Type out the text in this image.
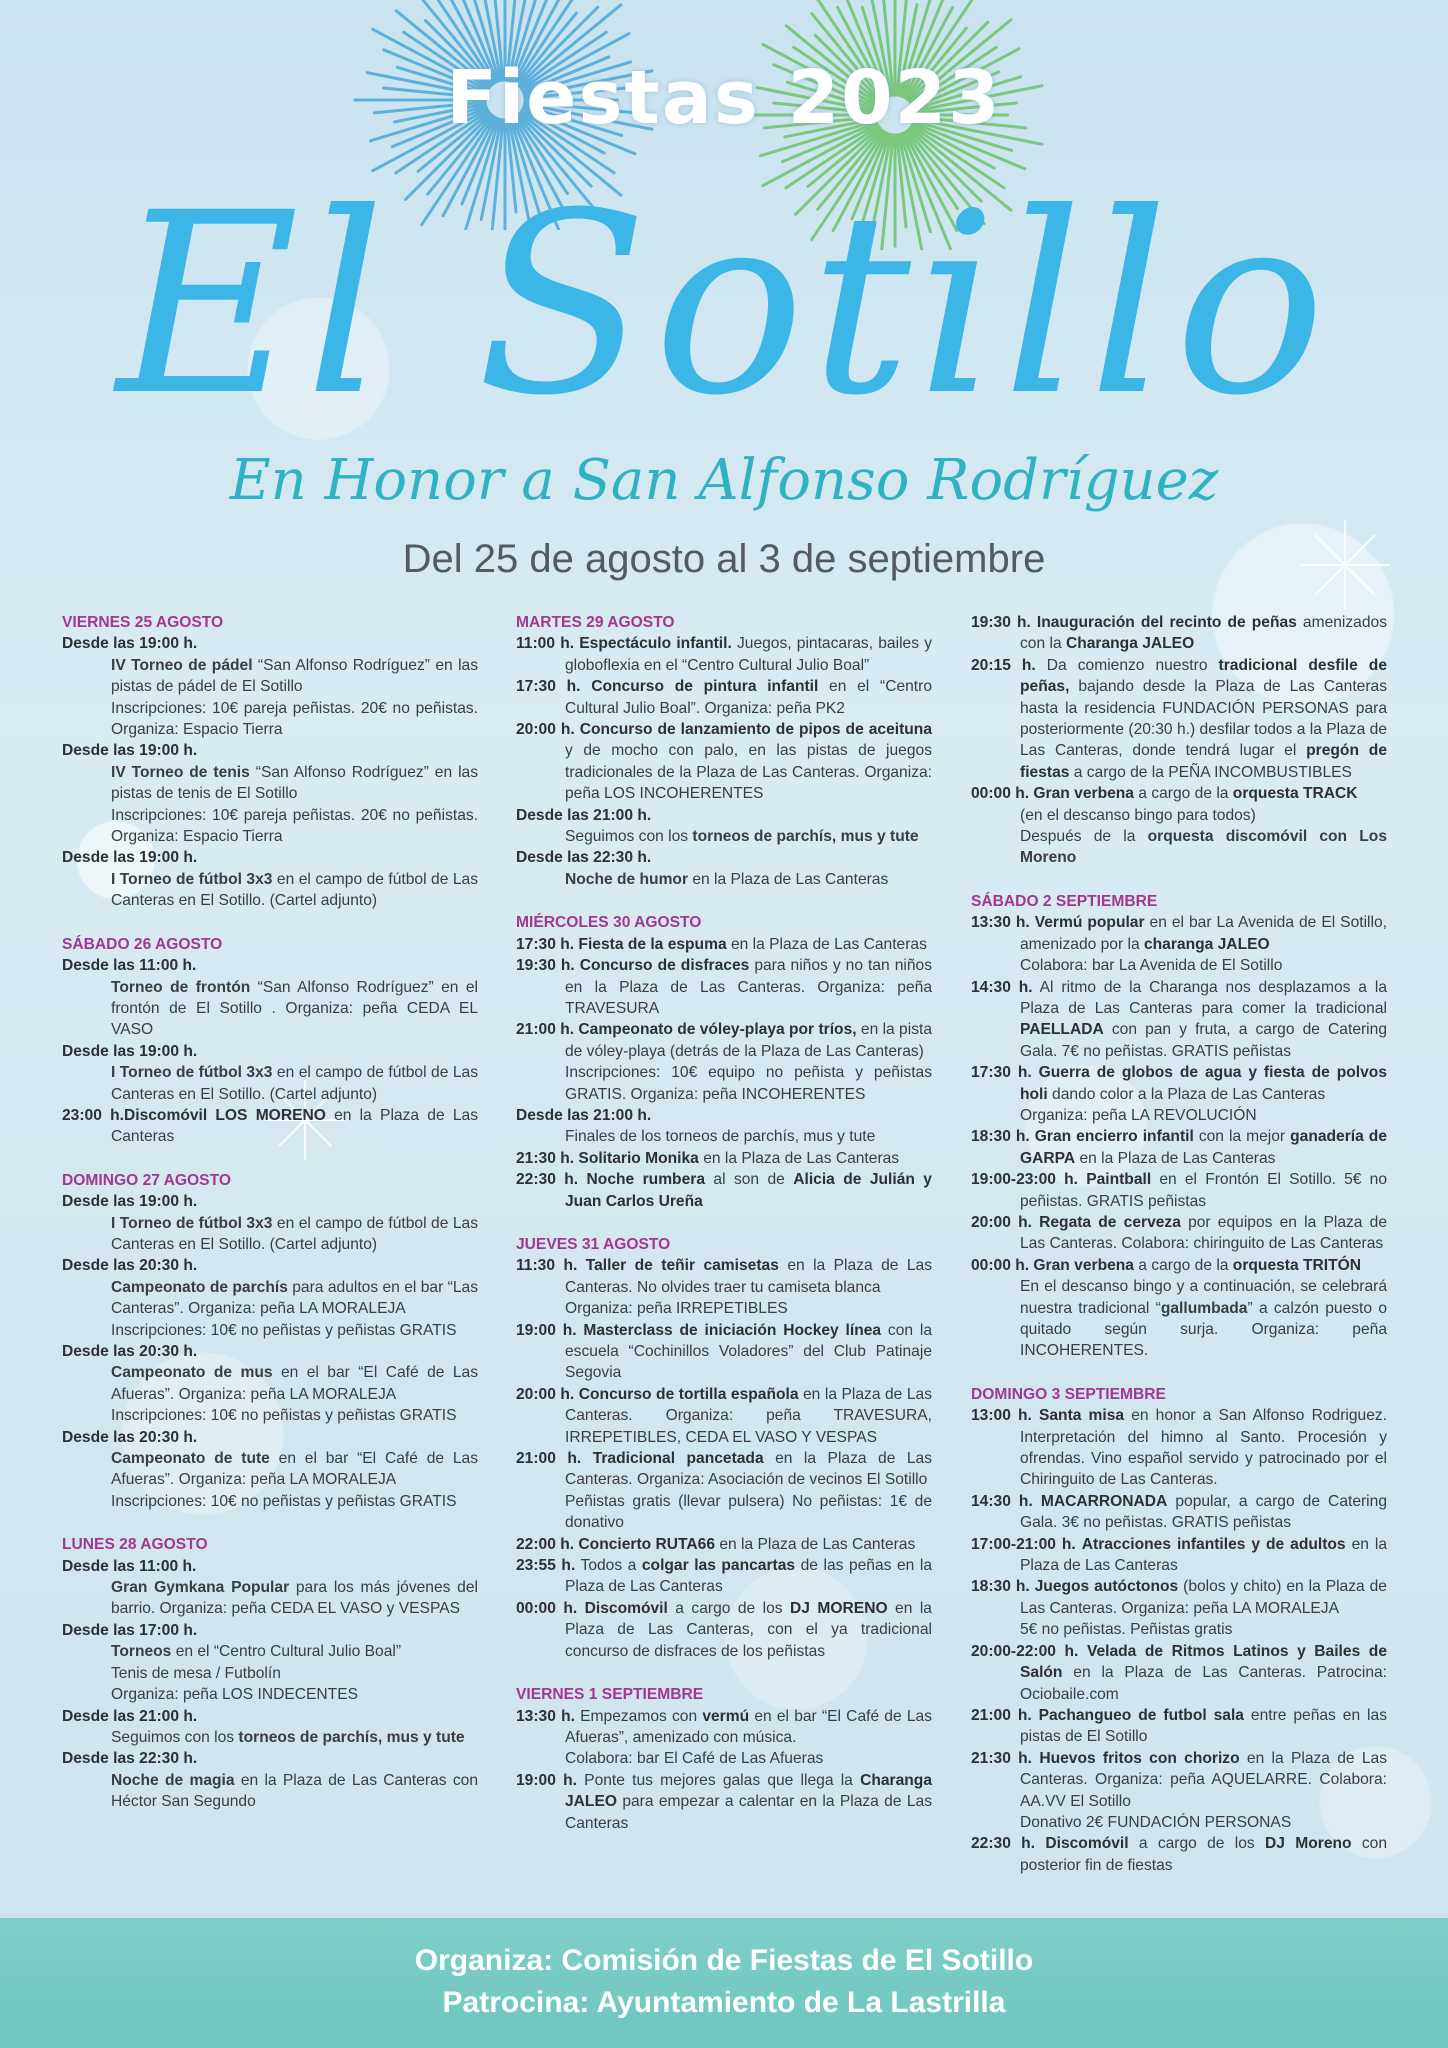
Fiestas 2023
El Sotillo
En Honor a San Alfonso Rodríguez
Del 25 de agosto al 3 de septiembre
VIERNES 25 AGOSTO
Desde las 19:00 h.
IV Torneo de pádel “San Alfonso Rodríguez” en las pistas de pádel de El Sotillo
Inscripciones: 10€ pareja peñistas. 20€ no peñistas. Organiza: Espacio Tierra
Desde las 19:00 h.
IV Torneo de tenis “San Alfonso Rodríguez” en las pistas de tenis de El Sotillo
Inscripciones: 10€ pareja peñistas. 20€ no peñistas. Organiza: Espacio Tierra
Desde las 19:00 h.
I Torneo de fútbol 3x3 en el campo de fútbol de Las Canteras en El Sotillo. (Cartel adjunto)
SÁBADO 26 AGOSTO
Desde las 11:00 h.
Torneo de frontón “San Alfonso Rodríguez” en el frontón de El Sotillo . Organiza: peña CEDA EL VASO
Desde las 19:00 h.
I Torneo de fútbol 3x3 en el campo de fútbol de Las Canteras en El Sotillo. (Cartel adjunto)
23:00 h.Discomóvil LOS MORENO en la Plaza de Las Canteras
DOMINGO 27 AGOSTO
Desde las 19:00 h.
I Torneo de fútbol 3x3 en el campo de fútbol de Las Canteras en El Sotillo. (Cartel adjunto)
Desde las 20:30 h.
Campeonato de parchís para adultos en el bar “Las Canteras”. Organiza: peña LA MORALEJA
Inscripciones: 10€ no peñistas y peñistas GRATIS
Desde las 20:30 h.
Campeonato de mus en el bar “El Café de Las Afueras”. Organiza: peña LA MORALEJA
Inscripciones: 10€ no peñistas y peñistas GRATIS
Desde las 20:30 h.
Campeonato de tute en el bar “El Café de Las Afueras”. Organiza: peña LA MORALEJA
Inscripciones: 10€ no peñistas y peñistas GRATIS
LUNES 28 AGOSTO
Desde las 11:00 h.
Gran Gymkana Popular para los más jóvenes del barrio. Organiza: peña CEDA EL VASO y VESPAS
Desde las 17:00 h.
Torneos en el “Centro Cultural Julio Boal”
Tenis de mesa / Futbolín
Organiza: peña LOS INDECENTES
Desde las 21:00 h.
Seguimos con los torneos de parchís, mus y tute
Desde las 22:30 h.
Noche de magia en la Plaza de Las Canteras con Héctor San Segundo
MARTES 29 AGOSTO
11:00 h. Espectáculo infantil. Juegos, pintacaras, bailes y globoflexia en el “Centro Cultural Julio Boal”
17:30 h. Concurso de pintura infantil en el “Centro Cultural Julio Boal”. Organiza: peña PK2
20:00 h. Concurso de lanzamiento de pipos de aceituna y de mocho con palo, en las pistas de juegos tradicionales de la Plaza de Las Canteras. Organiza: peña LOS INCOHERENTES
Desde las 21:00 h.
Seguimos con los torneos de parchís, mus y tute
Desde las 22:30 h.
Noche de humor en la Plaza de Las Canteras
MIÉRCOLES 30 AGOSTO
17:30 h. Fiesta de la espuma en la Plaza de Las Canteras
19:30 h. Concurso de disfraces para niños y no tan niños en la Plaza de Las Canteras. Organiza: peña TRAVESURA
21:00 h. Campeonato de vóley-playa por tríos, en la pista de vóley-playa (detrás de la Plaza de Las Canteras)
Inscripciones: 10€ equipo no peñista y peñistas GRATIS. Organiza: peña INCOHERENTES
Desde las 21:00 h.
Finales de los torneos de parchís, mus y tute
21:30 h. Solitario Monika en la Plaza de Las Canteras
22:30 h. Noche rumbera al son de Alicia de Julián y Juan Carlos Ureña
JUEVES 31 AGOSTO
11:30 h. Taller de teñir camisetas en la Plaza de Las Canteras. No olvides traer tu camiseta blanca
Organiza: peña IRREPETIBLES
19:00 h. Masterclass de iniciación Hockey línea con la escuela “Cochinillos Voladores” del Club Patinaje Segovia
20:00 h. Concurso de tortilla española en la Plaza de Las Canteras. Organiza: peña TRAVESURA, IRREPETIBLES, CEDA EL VASO Y VESPAS
21:00 h. Tradicional pancetada en la Plaza de Las Canteras. Organiza: Asociación de vecinos El Sotillo
Peñistas gratis (llevar pulsera) No peñistas: 1€ de donativo
22:00 h. Concierto RUTA66 en la Plaza de Las Canteras
23:55 h. Todos a colgar las pancartas de las peñas en la Plaza de Las Canteras
00:00 h. Discomóvil a cargo de los DJ MORENO en la Plaza de Las Canteras, con el ya tradicional concurso de disfraces de los peñistas
VIERNES 1 SEPTIEMBRE
13:30 h. Empezamos con vermú en el bar “El Café de Las Afueras”, amenizado con música.
Colabora: bar El Café de Las Afueras
19:00 h. Ponte tus mejores galas que llega la Charanga JALEO para empezar a calentar en la Plaza de Las Canteras
19:30 h. Inauguración del recinto de peñas amenizados con la Charanga JALEO
20:15 h. Da comienzo nuestro tradicional desfile de peñas, bajando desde la Plaza de Las Canteras hasta la residencia FUNDACIÓN PERSONAS para posteriormente (20:30 h.) desfilar todos a la Plaza de Las Canteras, donde tendrá lugar el pregón de fiestas a cargo de la PEÑA INCOMBUSTIBLES
00:00 h. Gran verbena a cargo de la orquesta TRACK
(en el descanso bingo para todos)
Después de la orquesta discomóvil con Los Moreno
SÁBADO 2 SEPTIEMBRE
13:30 h. Vermú popular en el bar La Avenida de El Sotillo, amenizado por la charanga JALEO
Colabora: bar La Avenida de El Sotillo
14:30 h. Al ritmo de la Charanga nos desplazamos a la Plaza de Las Canteras para comer la tradicional PAELLADA con pan y fruta, a cargo de Catering Gala. 7€ no peñistas. GRATIS peñistas
17:30 h. Guerra de globos de agua y fiesta de polvos holi dando color a la Plaza de Las Canteras
Organiza: peña LA REVOLUCIÓN
18:30 h. Gran encierro infantil con la mejor ganadería de GARPA en la Plaza de Las Canteras
19:00-23:00 h. Paintball en el Frontón El Sotillo. 5€ no peñistas. GRATIS peñistas
20:00 h. Regata de cerveza por equipos en la Plaza de Las Canteras. Colabora: chiringuito de Las Canteras
00:00 h. Gran verbena a cargo de la orquesta TRITÓN
En el descanso bingo y a continuación, se celebrará nuestra tradicional “gallumbada” a calzón puesto o quitado según surja. Organiza: peña INCOHERENTES.
DOMINGO 3 SEPTIEMBRE
13:00 h. Santa misa en honor a San Alfonso Rodriguez. Interpretación del himno al Santo. Procesión y ofrendas. Vino español servido y patrocinado por el Chiringuito de Las Canteras.
14:30 h. MACARRONADA popular, a cargo de Catering Gala. 3€ no peñistas. GRATIS peñistas
17:00-21:00 h. Atracciones infantiles y de adultos en la Plaza de Las Canteras
18:30 h. Juegos autóctonos (bolos y chito) en la Plaza de Las Canteras. Organiza: peña LA MORALEJA
5€ no peñistas. Peñistas gratis
20:00-22:00 h. Velada de Ritmos Latinos y Bailes de Salón en la Plaza de Las Canteras. Patrocina: Ociobaile.com
21:00 h. Pachangueo de futbol sala entre peñas en las pistas de El Sotillo
21:30 h. Huevos fritos con chorizo en la Plaza de Las Canteras. Organiza: peña AQUELARRE. Colabora: AA.VV El Sotillo
Donativo 2€ FUNDACIÓN PERSONAS
22:30 h. Discomóvil a cargo de los DJ Moreno con posterior fin de fiestas
Organiza: Comisión de Fiestas de El Sotillo
Patrocina: Ayuntamiento de La Lastrilla
